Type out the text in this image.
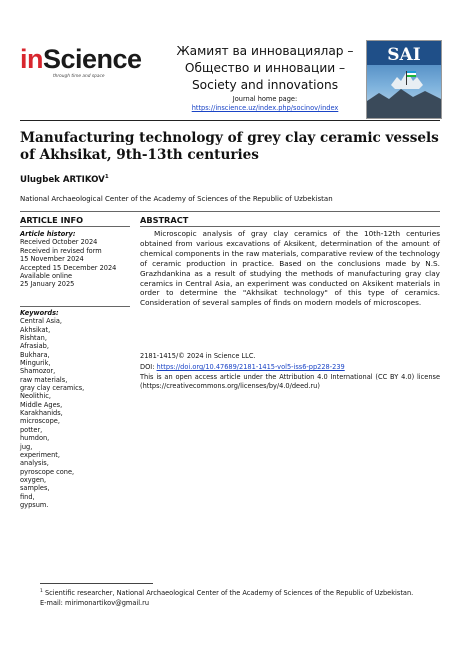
inScience
through time and space
Жамият ва инновациялар –
Общество и инновации –
Society and innovations
Journal home page:
https://inscience.uz/index.php/socinov/index
SAI
Manufacturing technology of grey clay ceramic vessels of Akhsikat, 9th-13th centuries
Ulugbek ARTIKOV$^1$
National Archaeological Center of the Academy of Sciences of the Republic of Uzbekistan
ARTICLE INFO
Article history:
Received October 2024
Received in revised form
15 November 2024
Accepted 15 December 2024
Available online
25 January 2025
Keywords:
Central Asia,
Akhsikat,
Rishtan,
Afrasiab,
Bukhara,
Mingurik,
Shamozor,
raw materials,
gray clay ceramics,
Neolithic,
Middle Ages,
Karakhanids,
microscope,
potter,
humdon,
jug,
experiment,
analysis,
pyroscope cone,
oxygen,
samples,
find,
gypsum.
ABSTRACT
Microscopic analysis of gray clay ceramics of the 10th-12th centuries obtained from various excavations of Aksikent, determination of the amount of chemical components in the raw materials, comparative review of the technology of ceramic production in practice. Based on the conclusions made by N.S. Grazhdankina as a result of studying the methods of manufacturing gray clay ceramics in Central Asia, an experiment was conducted on Aksikent materials in order to determine the "Akhsikat technology" of this type of ceramics. Consideration of several samples of finds on modern models of microscopes.
2181-1415/© 2024 in Science LLC.
DOI: https://doi.org/10.47689/2181-1415-vol5-iss6-pp228-239
This is an open access article under the Attribution 4.0 International (CC BY 4.0) license (https://creativecommons.org/licenses/by/4.0/deed.ru)
$^1$ Scientific researcher, National Archaeological Center of the Academy of Sciences of the Republic of Uzbekistan.
E-mail: mirimonartikov@gmail.ru
